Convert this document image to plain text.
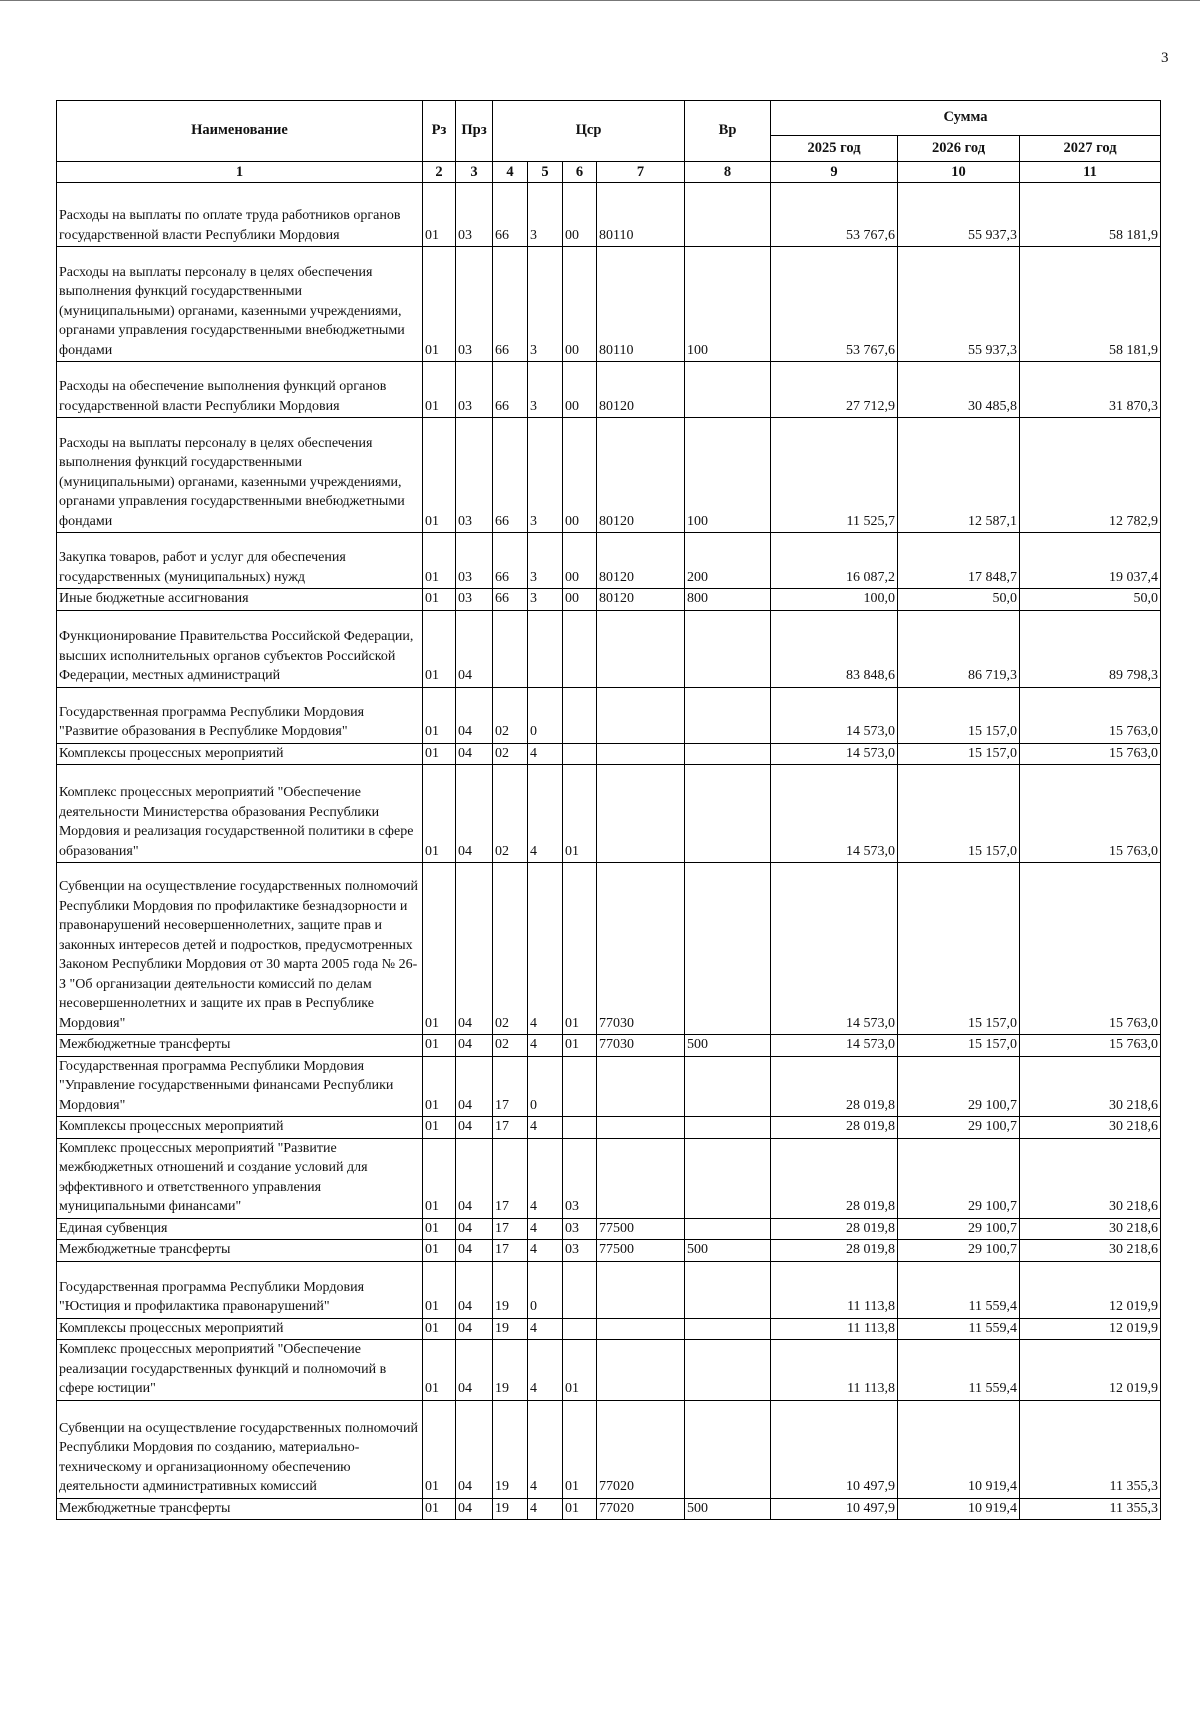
3
Наименование	Рз	Прз	Цср				Вр	Сумма		
								2025 год	2026 год	2027 год
1	2	3	4	5	6	7	8	9	10	11
Расходы на выплаты по оплате труда работников органов государственной власти Республики Мордовия	01	03	66	3	00	80110		53 767,6	55 937,3	58 181,9
Расходы на выплаты персоналу в целях обеспечения выполнения функций государственными (муниципальными) органами, казенными учреждениями, органами управления государственными внебюджетными фондами	01	03	66	3	00	80110	100	53 767,6	55 937,3	58 181,9
Расходы на обеспечение выполнения функций органов государственной власти Республики Мордовия	01	03	66	3	00	80120		27 712,9	30 485,8	31 870,3
Расходы на выплаты персоналу в целях обеспечения выполнения функций государственными (муниципальными) органами, казенными учреждениями, органами управления государственными внебюджетными фондами	01	03	66	3	00	80120	100	11 525,7	12 587,1	12 782,9
Закупка товаров, работ и услуг для обеспечения государственных (муниципальных) нужд	01	03	66	3	00	80120	200	16 087,2	17 848,7	19 037,4
Иные бюджетные ассигнования	01	03	66	3	00	80120	800	100,0	50,0	50,0
Функционирование Правительства Российской Федерации, высших исполнительных органов субъектов Российской Федерации, местных администраций	01	04						83 848,6	86 719,3	89 798,3
Государственная программа Республики Мордовия "Развитие образования в Республике Мордовия"	01	04	02	0				14 573,0	15 157,0	15 763,0
Комплексы процессных мероприятий	01	04	02	4				14 573,0	15 157,0	15 763,0
Комплекс процессных мероприятий "Обеспечение деятельности Министерства образования Республики Мордовия и реализация государственной политики в сфере образования"	01	04	02	4	01			14 573,0	15 157,0	15 763,0
Субвенции на осуществление государственных полномочий Республики Мордовия по профилактике безнадзорности и правонарушений несовершеннолетних, защите прав и законных интересов детей и подростков, предусмотренных Законом Республики Мордовия от 30 марта 2005 года № 26-З "Об организации деятельности комиссий по делам несовершеннолетних и защите их прав в Республике Мордовия"	01	04	02	4	01	77030		14 573,0	15 157,0	15 763,0
Межбюджетные трансферты	01	04	02	4	01	77030	500	14 573,0	15 157,0	15 763,0
Государственная программа Республики Мордовия "Управление государственными финансами Республики Мордовия"	01	04	17	0				28 019,8	29 100,7	30 218,6
Комплексы процессных мероприятий	01	04	17	4				28 019,8	29 100,7	30 218,6
Комплекс процессных мероприятий "Развитие межбюджетных отношений и создание условий для эффективного и ответственного управления муниципальными финансами"	01	04	17	4	03			28 019,8	29 100,7	30 218,6
Единая субвенция	01	04	17	4	03	77500		28 019,8	29 100,7	30 218,6
Межбюджетные трансферты	01	04	17	4	03	77500	500	28 019,8	29 100,7	30 218,6
Государственная программа Республики Мордовия "Юстиция и профилактика правонарушений"	01	04	19	0				11 113,8	11 559,4	12 019,9
Комплексы процессных мероприятий	01	04	19	4				11 113,8	11 559,4	12 019,9
Комплекс процессных мероприятий "Обеспечение реализации государственных функций и полномочий в сфере юстиции"	01	04	19	4	01			11 113,8	11 559,4	12 019,9
Субвенции на осуществление государственных полномочий Республики Мордовия по созданию, материально-техническому и организационному обеспечению деятельности административных комиссий	01	04	19	4	01	77020		10 497,9	10 919,4	11 355,3
Межбюджетные трансферты	01	04	19	4	01	77020	500	10 497,9	10 919,4	11 355,3
